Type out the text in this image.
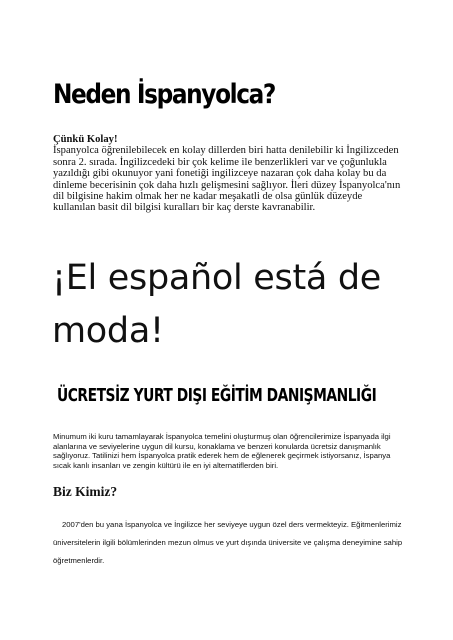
Neden İspanyolca?
Çünkü Kolay!
İspanyolca öğrenilebilecek en kolay dillerden biri hatta denilebilir ki İngilizceden sonra 2. sırada. İngilizcedeki bir çok kelime ile benzerlikleri var ve çoğunlukla yazıldığı gibi okunuyor yani fonetiği ingilizceye nazaran çok daha kolay bu da dinleme becerisinin çok daha hızlı gelişmesini sağlıyor. İleri düzey İspanyolca'nın dil bilgisine hakim olmak her ne kadar meşakatli de olsa günlük düzeyde kullanılan basit dil bilgisi kuralları bir kaç derste kavranabilir.
¡El español está de moda!
ÜCRETSİZ YURT DIŞI EĞİTİM DANIŞMANLIĞI

Minumum iki kuru tamamlayarak İspanyolca temelini oluşturmuş olan öğrencilerimize İspanyada ilgi alanlarına ve seviyelerine uygun dil kursu, konaklama ve benzeri konularda ücretsiz danışmanlık sağlıyoruz. Tatilinizi hem İspanyolca pratik ederek hem de eğlenerek geçirmek istiyorsanız, İspanya sıcak kanlı insanları ve zengin kültürü ile en iyi alternatiflerden biri.

Biz Kimiz?

2007'den bu yana İspanyolca ve İngilizce her seviyeye uygun özel ders vermekteyiz. Eğitmenlerimiz üniversitelerin ilgili bölümlerinden mezun olmus ve yurt dışında üniversite ve çalışma deneyimine sahip öğretmenlerdir.
